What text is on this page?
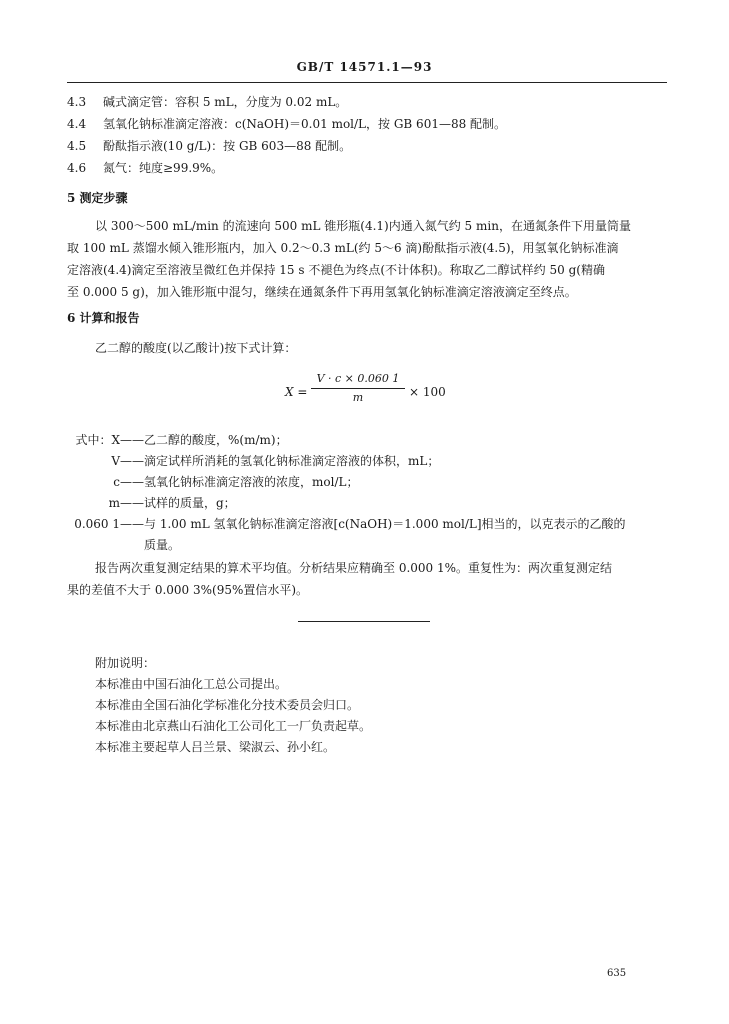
GB/T 14571.1—93
4.3 碱式滴定管：容积 5 mL，分度为 0.02 mL。
4.4 氢氧化钠标准滴定溶液：c(NaOH)＝0.01 mol/L，按 GB 601—88 配制。
4.5 酚酞指示液(10 g/L)：按 GB 603—88 配制。
4.6 氮气：纯度≥99.9%。
5 测定步骤
以 300～500 mL/min 的流速向 500 mL 锥形瓶(4.1)内通入氮气约 5 min，在通氮条件下用量筒量
取 100 mL 蒸馏水倾入锥形瓶内，加入 0.2～0.3 mL(约 5～6 滴)酚酞指示液(4.5)，用氢氧化钠标准滴
定溶液(4.4)滴定至溶液呈微红色并保持 15 s 不褪色为终点(不计体积)。称取乙二醇试样约 50 g(精确
至 0.000 5 g)，加入锥形瓶中混匀，继续在通氮条件下再用氢氧化钠标准滴定溶液滴定至终点。
6 计算和报告
乙二醇的酸度(以乙酸计)按下式计算：
X =
V · c × 0.060 1
m	× 100
式中：X—— 乙二醇的酸度，%(m/m)；
V—— 滴定试样所消耗的氢氧化钠标准滴定溶液的体积，mL；
c—— 氢氧化钠标准滴定溶液的浓度，mol/L；
m—— 试样的质量，g；
0.060 1—— 与 1.00 mL 氢氧化钠标准滴定溶液[c(NaOH)＝1.000 mol/L]相当的，以克表示的乙酸的
质量。
报告两次重复测定结果的算术平均值。分析结果应精确至 0.000 1%。重复性为：两次重复测定结
果的差值不大于 0.000 3%(95%置信水平)。
附加说明：
本标准由中国石油化工总公司提出。
本标准由全国石油化学标准化分技术委员会归口。
本标准由北京燕山石油化工公司化工一厂负责起草。
本标准主要起草人吕兰景、梁淑云、孙小红。
635
